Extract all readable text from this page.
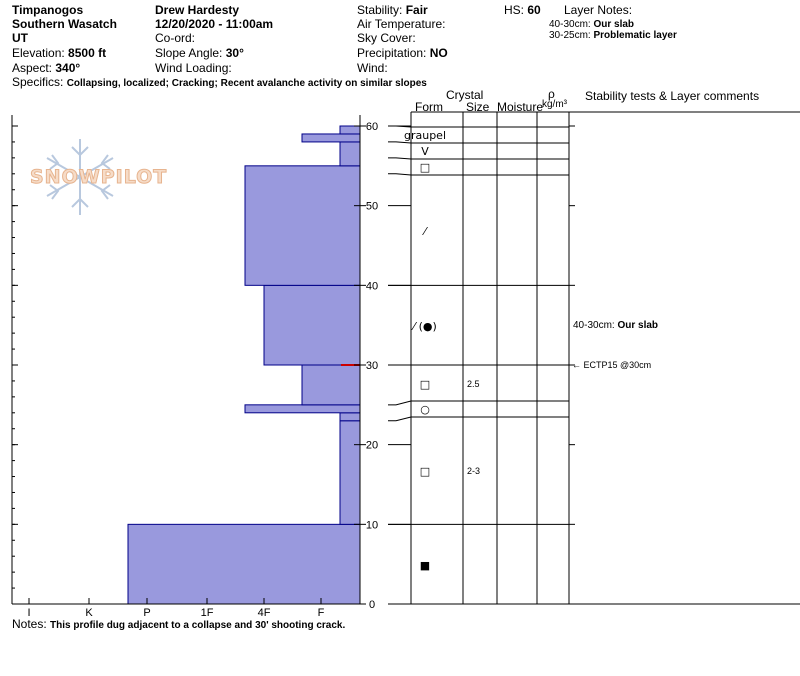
Timpanogos
Southern Wasatch
UT
Elevation: 8500 ft
Aspect: 340°
Drew Hardesty
12/20/2020 - 11:00am
Co-ord:
Slope Angle: 30°
Wind Loading:
Stability: Fair
Air Temperature:
Sky Cover:
Precipitation: NO
Wind:
HS: 60 Layer Notes:
40-30cm: Our slab
30-25cm: Problematic layer
Specifics: Collapsing, localized; Cracking; Recent avalanche activity on similar slopes
Crystal
Form Size Moisture
ρ
kg/m³
Stability tests & Layer comments
SNOWPILOT
0
10
20
30
40
50
60
I	K	P	1F	4F	F
graupel
V
□
⁄
⁄ (●)
□	2.5
○
□	2-3
■
40-30cm: Our slab
← ECTP15 @30cm
Notes: This profile dug adjacent to a collapse and 30' shooting crack.
